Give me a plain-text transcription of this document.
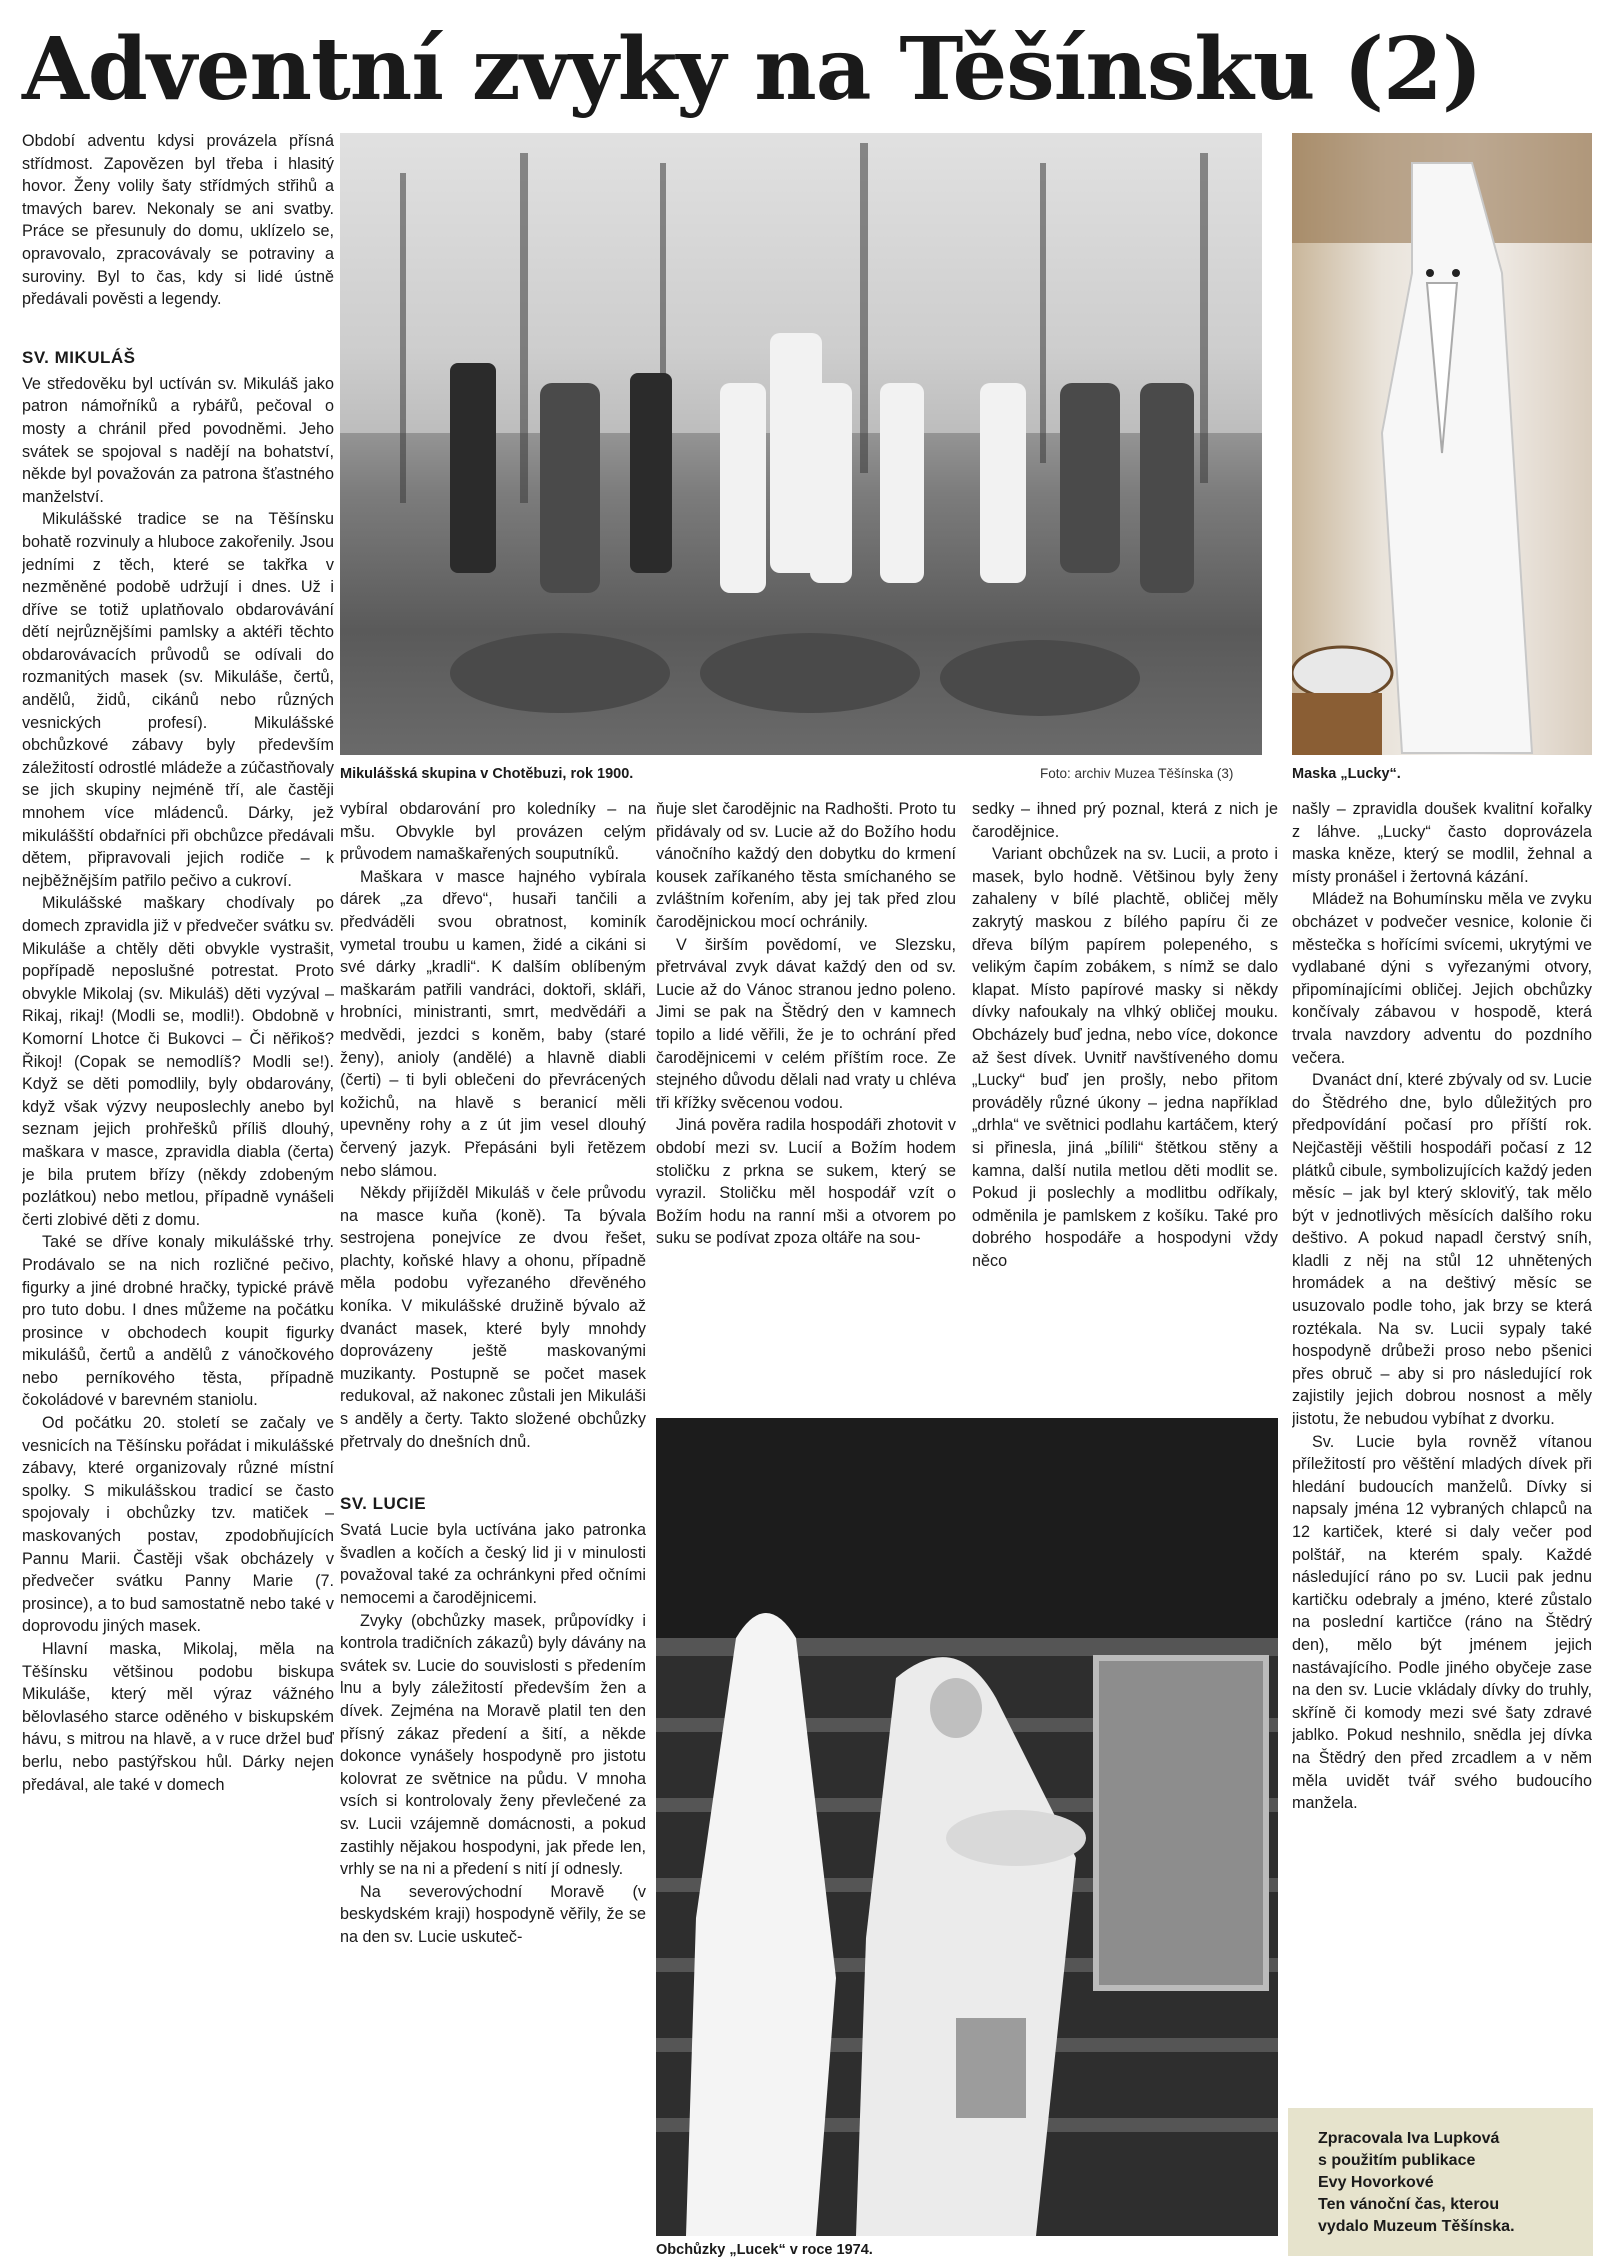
Adventní zvyky na Těšínsku (2)

Období adventu kdysi provázela přísná střídmost. Zapovězen byl třeba i hlasitý hovor. Ženy volily šaty střídmých střihů a tmavých barev. Nekonaly se ani svatby. Práce se přesunuly do domu, uklízelo se, opravovalo, zpracovávaly se potraviny a suroviny. Byl to čas, kdy si lidé ústně předávali pověsti a legendy.

SV. MIKULÁŠ

Ve středověku byl uctíván sv. Mikuláš jako patron námořníků a rybářů, pečoval o mosty a chránil před povodněmi. Jeho svátek se spojoval s nadějí na bohatství, někde byl považován za patrona šťastného manželství.

Mikulášské tradice se na Těšínsku bohatě rozvinuly a hluboce zakořenily. Jsou jedními z těch, které se takřka v nezměněné podobě udržují i dnes. Už i dříve se totiž uplatňovalo obdarovávání dětí nejrůznějšími pamlsky a aktéři těchto obdarovávacích průvodů se odívali do rozmanitých masek (sv. Mikuláše, čertů, andělů, židů, cikánů nebo různých vesnických profesí). Mikulášské obchůzkové zábavy byly především záležitostí odrostlé mládeže a zúčastňovaly se jich skupiny nejméně tří, ale častěji mnohem více mládenců. Dárky, jež mikulášští obdařníci při obchůzce předávali dětem, připravovali jejich rodiče – k nejběžnějším patřilo pečivo a cukroví.

Mikulášské maškary chodívaly po domech zpravidla již v předvečer svátku sv. Mikuláše a chtěly děti obvykle vystrašit, popřípadě neposlušné potrestat. Proto obvykle Mikolaj (sv. Mikuláš) děti vyzýval – Rikaj, rikaj! (Modli se, modli!). Obdobně v Komorní Lhotce či Bukovci – Či něřikoš? Řikoj! (Copak se nemodlíš? Modli se!). Když se děti pomodlily, byly obdarovány, když však výzvy neuposlechly anebo byl seznam jejich prohřešků příliš dlouhý, maškara v masce, zpravidla diabla (čerta) je bila prutem břízy (někdy zdobeným pozlátkou) nebo metlou, případně vynášeli čerti zlobivé děti z domu.

Také se dříve konaly mikulášské trhy. Prodávalo se na nich rozličné pečivo, figurky a jiné drobné hračky, typické právě pro tuto dobu. I dnes můžeme na počátku prosince v obchodech koupit figurky mikulášů, čertů a andělů z vánočkového nebo perníkového těsta, případně čokoládové v barevném staniolu.

Od počátku 20. století se začaly ve vesnicích na Těšínsku pořádat i mikulášské zábavy, které organizovaly různé místní spolky. S mikulášskou tradicí se často spojovaly i obchůzky tzv. matiček – maskovaných postav, zpodobňujících Pannu Marii. Častěji však obcházely v předvečer svátku Panny Marie (7. prosince), a to bud samostatně nebo také v doprovodu jiných masek.

Hlavní maska, Mikolaj, měla na Těšínsku většinou podobu biskupa Mikuláše, který měl výraz vážného bělovlasého starce oděného v biskupském hávu, s mitrou na hlavě, a v ruce držel buď berlu, nebo pastýřskou hůl. Dárky nejen předával, ale také v domech

Mikulášská skupina v Chotěbuzi, rok 1900.	Foto: archiv Muzea Těšínska (3)	Maska „Lucky“.

vybíral obdarování pro koledníky – na mšu. Obvykle byl provázen celým průvodem namaškařených souputníků.

Maškara v masce hajného vybírala dárek „za dřevo“, husaři tančili a předváděli svou obratnost, kominík vymetal troubu u kamen, židé a cikáni si své dárky „kradli“. K dalším oblíbeným maškarám patřili vandráci, doktoři, skláři, hrobníci, ministranti, smrt, medvědáři a medvědi, jezdci s koněm, baby (staré ženy), anioly (andělé) a hlavně diabli (čerti) – ti byli oblečeni do převrácených kožichů, na hlavě s beranicí měli upevněny rohy a z út jim vesel dlouhý červený jazyk. Přepásáni byli řetězem nebo slámou.

Někdy přijížděl Mikuláš v čele průvodu na masce kuňa (koně). Ta bývala sestrojena ponejvíce ze dvou řešet, plachty, koňské hlavy a ohonu, případně měla podobu vyřezaného dřevěného koníka. V mikulášské družině bývalo až dvanáct masek, které byly mnohdy doprovázeny ještě maskovanými muzikanty. Postupně se počet masek redukoval, až nakonec zůstali jen Mikuláši s anděly a čerty. Takto složené obchůzky přetrvaly do dnešních dnů.

SV. LUCIE

Svatá Lucie byla uctívána jako patronka švadlen a kočích a český lid ji v minulosti považoval také za ochránkyni před očními nemocemi a čarodějnicemi.

Zvyky (obchůzky masek, průpovídky i kontrola tradičních zákazů) byly dávány na svátek sv. Lucie do souvislosti s předením lnu a byly záležitostí především žen a dívek. Zejména na Moravě platil ten den přísný zákaz předení a šití, a někde dokonce vynášely hospodyně pro jistotu kolovrat ze světnice na půdu. V mnoha vsích si kontrolovaly ženy převlečené za sv. Lucii vzájemně domácnosti, a pokud zastihly nějakou hospodyni, jak přede len, vrhly se na ni a předení s nití jí odnesly.

Na severovýchodní Moravě (v beskydském kraji) hospodyně věřily, že se na den sv. Lucie uskuteč-

ňuje slet čarodějnic na Radhošti. Proto tu přidávaly od sv. Lucie až do Božího hodu vánočního každý den dobytku do krmení kousek zaříkaného těsta smíchaného se zvláštním kořením, aby jej tak před zlou čarodějnickou mocí ochránily.

V širším povědomí, ve Slezsku, přetrvával zvyk dávat každý den od sv. Lucie až do Vánoc stranou jedno poleno. Jimi se pak na Štědrý den v kamnech topilo a lidé věřili, že je to ochrání před čarodějnicemi v celém příštím roce. Ze stejného důvodu dělali nad vraty u chléva tři křížky svěcenou vodou.

Jiná pověra radila hospodáři zhotovit v období mezi sv. Lucií a Božím hodem stoličku z prkna se sukem, který se vyrazil. Stoličku měl hospodář vzít o Božím hodu na ranní mši a otvorem po suku se podívat zpoza oltáře na sou-

sedky – ihned prý poznal, která z nich je čarodějnice.

Variant obchůzek na sv. Lucii, a proto i masek, bylo hodně. Většinou byly ženy zahaleny v bílé plachtě, obličej měly zakrytý maskou z bílého papíru či ze dřeva bílým papírem polepeného, s velikým čapím zobákem, s nímž se dalo klapat. Místo papírové masky si někdy dívky nafoukaly na vlhký obličej mouku. Obcházely buď jedna, nebo více, dokonce až šest dívek. Uvnitř navštíveného domu „Lucky“ buď jen prošly, nebo přitom prováděly různé úkony – jedna například „drhla“ ve světnici podlahu kartáčem, který si přinesla, jiná „bílili“ štětkou stěny a kamna, další nutila metlou děti modlit se. Pokud ji poslechly a modlitbu odříkaly, odměnila je pamlskem z košíku. Také pro dobrého hospodáře a hospodyni vždy něco

Obchůzky „Lucek“ v roce 1974.

našly – zpravidla doušek kvalitní kořalky z láhve. „Lucky“ často doprovázela maska kněze, který se modlil, žehnal a místy pronášel i žertovná kázání.

Mládež na Bohumínsku měla ve zvyku obcházet v podvečer vesnice, kolonie či městečka s hořícími svícemi, ukrytými ve vydlabané dýni s vyřezanými otvory, připomínajícími obličej. Jejich obchůzky končívaly zábavou v hospodě, která trvala navzdory adventu do pozdního večera.

Dvanáct dní, které zbývaly od sv. Lucie do Štědrého dne, bylo důležitých pro předpovídání počasí pro příští rok. Nejčastěji věštili hospodáři počasí z 12 plátků cibule, symbolizujících každý jeden měsíc – jak byl který skloviťý, tak mělo být v jednotlivých měsících dalšího roku deštivo. A pokud napadl čerstvý sníh, kladli z něj na stůl 12 uhnětených hromádek a na deštivý měsíc se usuzovalo podle toho, jak brzy se která roztékala. Na sv. Lucii sypaly také hospodyně drůbeži proso nebo pšenici přes obruč – aby si pro následující rok zajistily jejich dobrou nosnost a měly jistotu, že nebudou vybíhat z dvorku.

Sv. Lucie byla rovněž vítanou příležitostí pro věštění mladých dívek při hledání budoucích manželů. Dívky si napsaly jména 12 vybraných chlapců na 12 kartiček, které si daly večer pod polštář, na kterém spaly. Každé následující ráno po sv. Lucii pak jednu kartičku odebraly a jméno, které zůstalo na poslední kartičce (ráno na Štědrý den), mělo být jménem jejich nastávajícího. Podle jiného obyčeje zase na den sv. Lucie vkládaly dívky do truhly, skříně či komody mezi své šaty zdravé jablko. Pokud neshnilo, snědla jej dívka na Štědrý den před zrcadlem a v něm měla uvidět tvář svého budoucího manžela.

Zpracovala Iva Lupková
s použitím publikace
Evy Hovorkové
Ten vánoční čas, kterou
vydalo Muzeum Těšínska.
